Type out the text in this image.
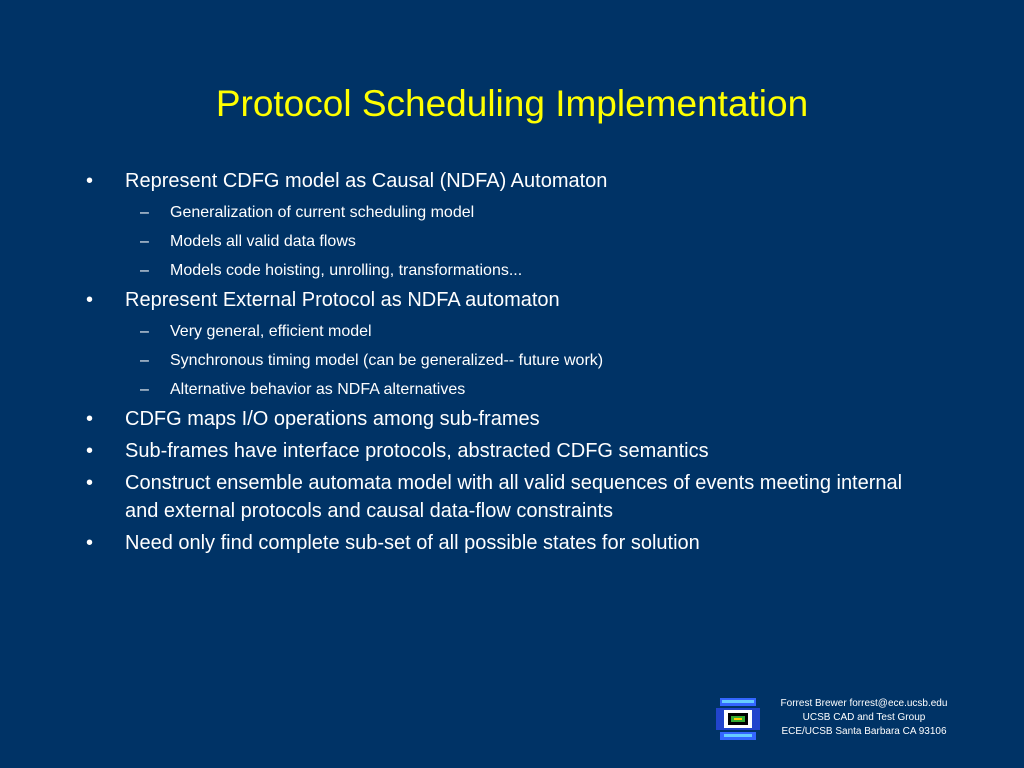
Protocol Scheduling Implementation
• Represent CDFG model as Causal (NDFA) Automaton
– Generalization of current scheduling model
– Models all valid data flows
– Models code hoisting, unrolling, transformations...
• Represent External Protocol as NDFA automaton
– Very general, efficient model
– Synchronous timing model (can be generalized-- future work)
– Alternative behavior as NDFA alternatives
• CDFG maps I/O operations among sub-frames
• Sub-frames have interface protocols, abstracted CDFG semantics
• Construct ensemble automata model with all valid sequences of events meeting internal and external protocols and causal data-flow constraints
• Need only find complete sub-set of all possible states for solution
Forrest Brewer forrest@ece.ucsb.edu
UCSB CAD and Test Group
ECE/UCSB Santa Barbara CA 93106
